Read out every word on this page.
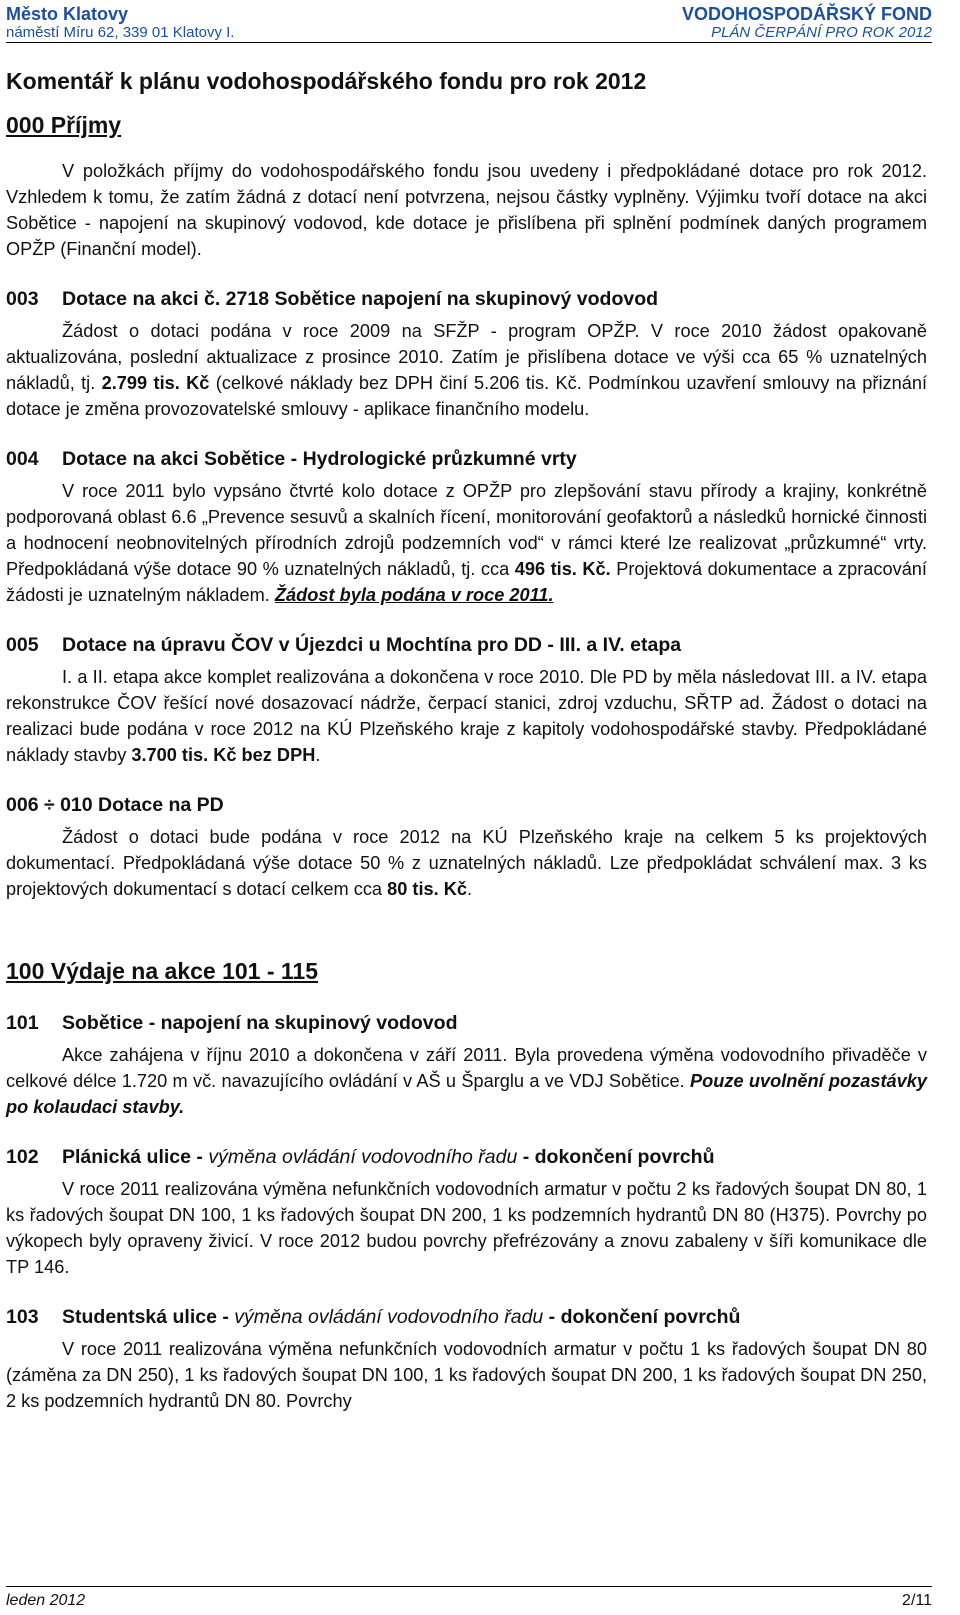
Město Klatovy
náměstí Míru 62, 339 01 Klatovy I.
VODOHOSPODÁŘSKÝ FOND
PLÁN ČERPÁNÍ PRO ROK 2012
Komentář k plánu vodohospodářského fondu pro rok 2012
000 Příjmy

V položkách příjmy do vodohospodářského fondu jsou uvedeny i předpokládané dotace pro rok 2012. Vzhledem k tomu, že zatím žádná z dotací není potvrzena, nejsou částky vyplněny. Výjimku tvoří dotace na akci Sobětice - napojení na skupinový vodovod, kde dotace je přislíbena při splnění podmínek daných programem OPŽP (Finanční model).

003 Dotace na akci č. 2718 Sobětice napojení na skupinový vodovod

Žádost o dotaci podána v roce 2009 na SFŽP - program OPŽP. V roce 2010 žádost opakovaně aktualizována, poslední aktualizace z prosince 2010. Zatím je přislíbena dotace ve výši cca 65 % uznatelných nákladů, tj. 2.799 tis. Kč (celkové náklady bez DPH činí 5.206 tis. Kč. Podmínkou uzavření smlouvy na přiznání dotace je změna provozovatelské smlouvy - aplikace finančního modelu.

004 Dotace na akci Sobětice - Hydrologické průzkumné vrty

V roce 2011 bylo vypsáno čtvrté kolo dotace z OPŽP pro zlepšování stavu přírody a krajiny, konkrétně podporovaná oblast 6.6 „Prevence sesuvů a skalních řícení, monitorování geofaktorů a následků hornické činnosti a hodnocení neobnovitelných přírodních zdrojů podzemních vod“ v rámci které lze realizovat „průzkumné“ vrty. Předpokládaná výše dotace 90 % uznatelných nákladů, tj. cca 496 tis. Kč. Projektová dokumentace a zpracování žádosti je uznatelným nákladem. Žádost byla podána v roce 2011.

005 Dotace na úpravu ČOV v Újezdci u Mochtína pro DD - III. a IV. etapa

I. a II. etapa akce komplet realizována a dokončena v roce 2010. Dle PD by měla následovat III. a IV. etapa rekonstrukce ČOV řešící nové dosazovací nádrže, čerpací stanici, zdroj vzduchu, SŘTP ad. Žádost o dotaci na realizaci bude podána v roce 2012 na KÚ Plzeňského kraje z kapitoly vodohospodářské stavby. Předpokládané náklady stavby 3.700 tis. Kč bez DPH.

006 ÷ 010 Dotace na PD

Žádost o dotaci bude podána v roce 2012 na KÚ Plzeňského kraje na celkem 5 ks projektových dokumentací. Předpokládaná výše dotace 50 % z uznatelných nákladů. Lze předpokládat schválení max. 3 ks projektových dokumentací s dotací celkem cca 80 tis. Kč.

100 Výdaje na akce 101 - 115
101 Sobětice - napojení na skupinový vodovod

Akce zahájena v říjnu 2010 a dokončena v září 2011. Byla provedena výměna vodovodního přivaděče v celkové délce 1.720 m vč. navazujícího ovládání v AŠ u Šparglu a ve VDJ Sobětice. Pouze uvolnění pozastávky po kolaudaci stavby.

102 Plánická ulice - výměna ovládání vodovodního řadu - dokončení povrchů

V roce 2011 realizována výměna nefunkčních vodovodních armatur v počtu 2 ks řadových šoupat DN 80, 1 ks řadových šoupat DN 100, 1 ks řadových šoupat DN 200, 1 ks podzemních hydrantů DN 80 (H375). Povrchy po výkopech byly opraveny živicí. V roce 2012 budou povrchy přefrézovány a znovu zabaleny v šíři komunikace dle TP 146.

103 Studentská ulice - výměna ovládání vodovodního řadu - dokončení povrchů

V roce 2011 realizována výměna nefunkčních vodovodních armatur v počtu 1 ks řadových šoupat DN 80 (záměna za DN 250), 1 ks řadových šoupat DN 100, 1 ks řadových šoupat DN 200, 1 ks řadových šoupat DN 250, 2 ks podzemních hydrantů DN 80. Povrchy

leden 2012	2/11
